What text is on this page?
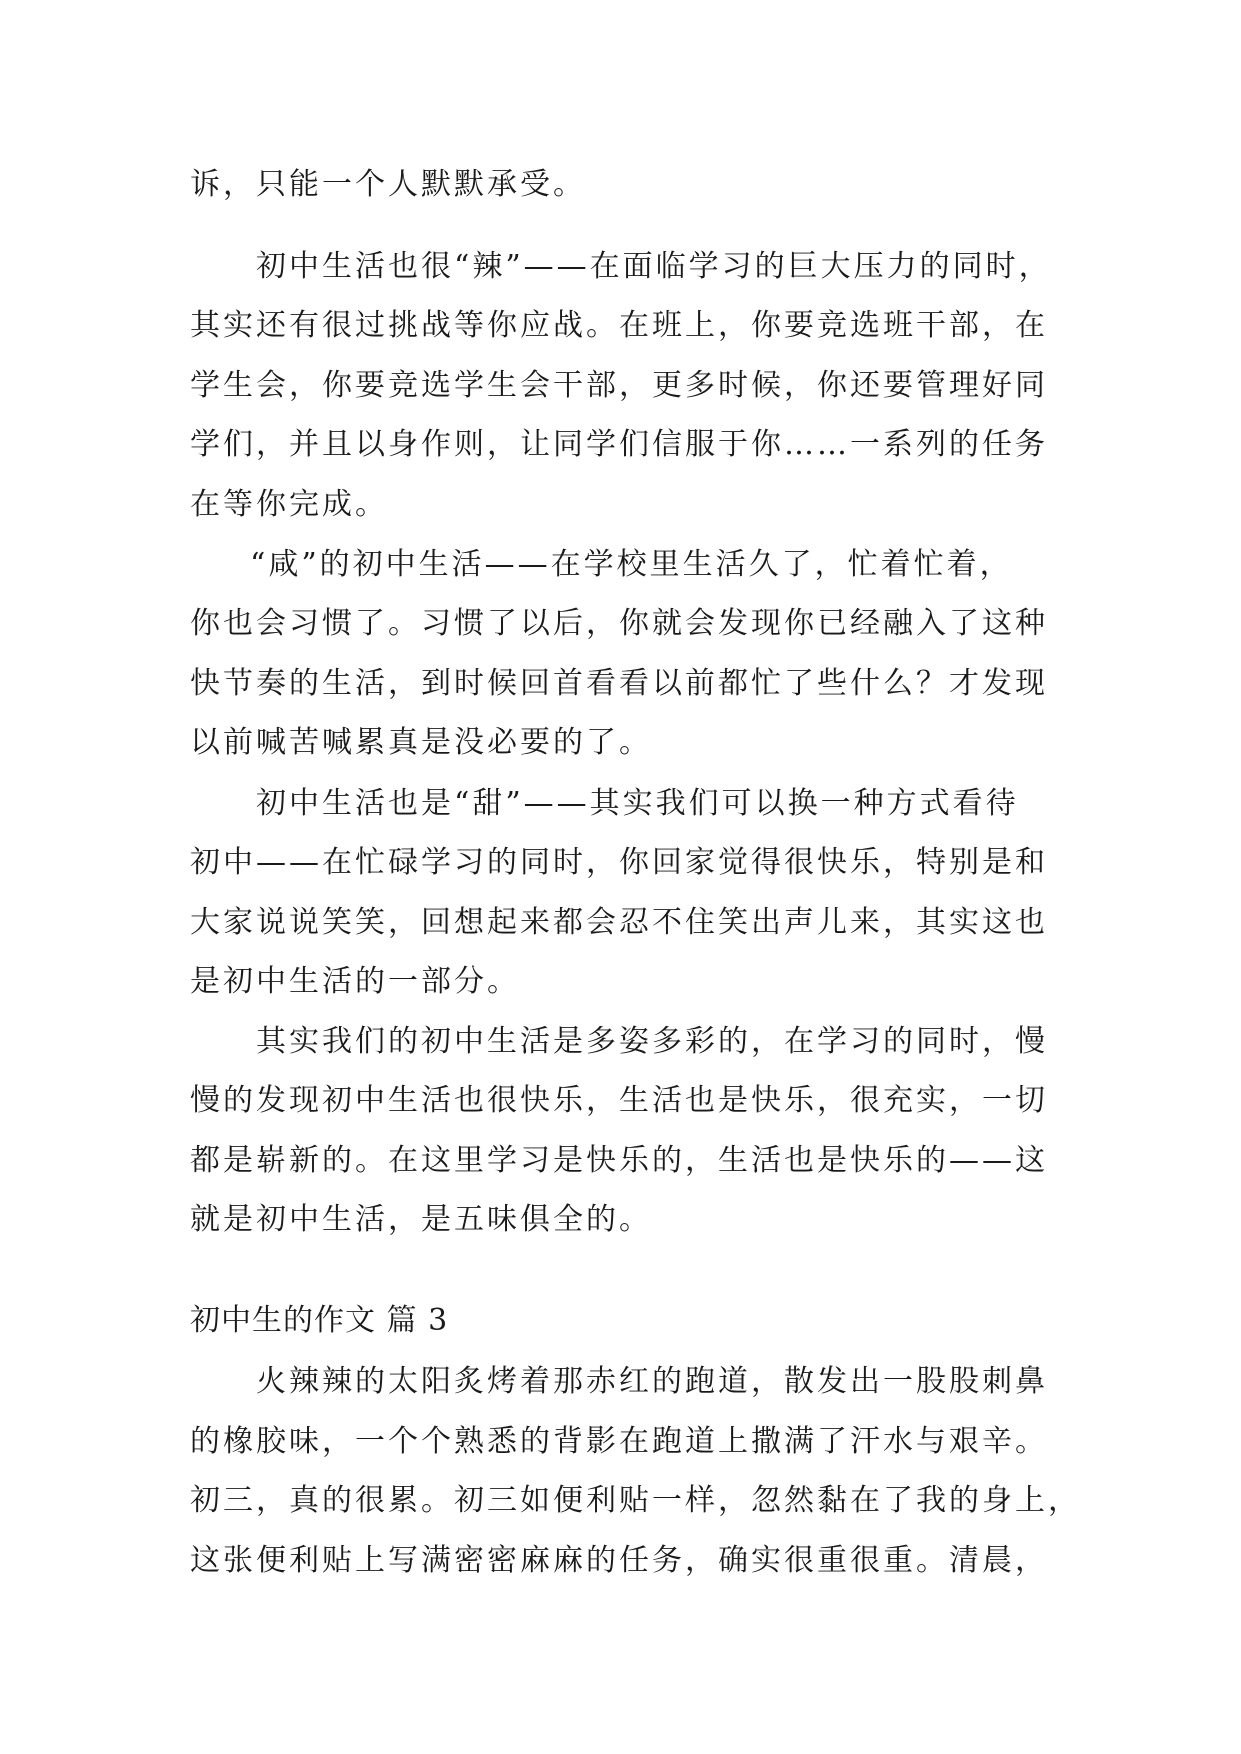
诉，只能一个人默默承受。
初中生活也很“辣”——在面临学习的巨大压力的同时，
其实还有很过挑战等你应战。在班上，你要竞选班干部，在
学生会，你要竞选学生会干部，更多时候，你还要管理好同
学们，并且以身作则，让同学们信服于你……一系列的任务
在等你完成。
“咸”的初中生活——在学校里生活久了，忙着忙着，
你也会习惯了。习惯了以后，你就会发现你已经融入了这种
快节奏的生活，到时候回首看看以前都忙了些什么？才发现
以前喊苦喊累真是没必要的了。
初中生活也是“甜”——其实我们可以换一种方式看待
初中——在忙碌学习的同时，你回家觉得很快乐，特别是和
大家说说笑笑，回想起来都会忍不住笑出声儿来，其实这也
是初中生活的一部分。
其实我们的初中生活是多姿多彩的，在学习的同时，慢
慢的发现初中生活也很快乐，生活也是快乐，很充实，一切
都是崭新的。在这里学习是快乐的，生活也是快乐的——这
就是初中生活，是五味俱全的。
初中生的作文 篇 3
火辣辣的太阳炙烤着那赤红的跑道，散发出一股股刺鼻
的橡胶味，一个个熟悉的背影在跑道上撒满了汗水与艰辛。
初三，真的很累。初三如便利贴一样，忽然黏在了我的身上，
这张便利贴上写满密密麻麻的任务，确实很重很重。清晨，
